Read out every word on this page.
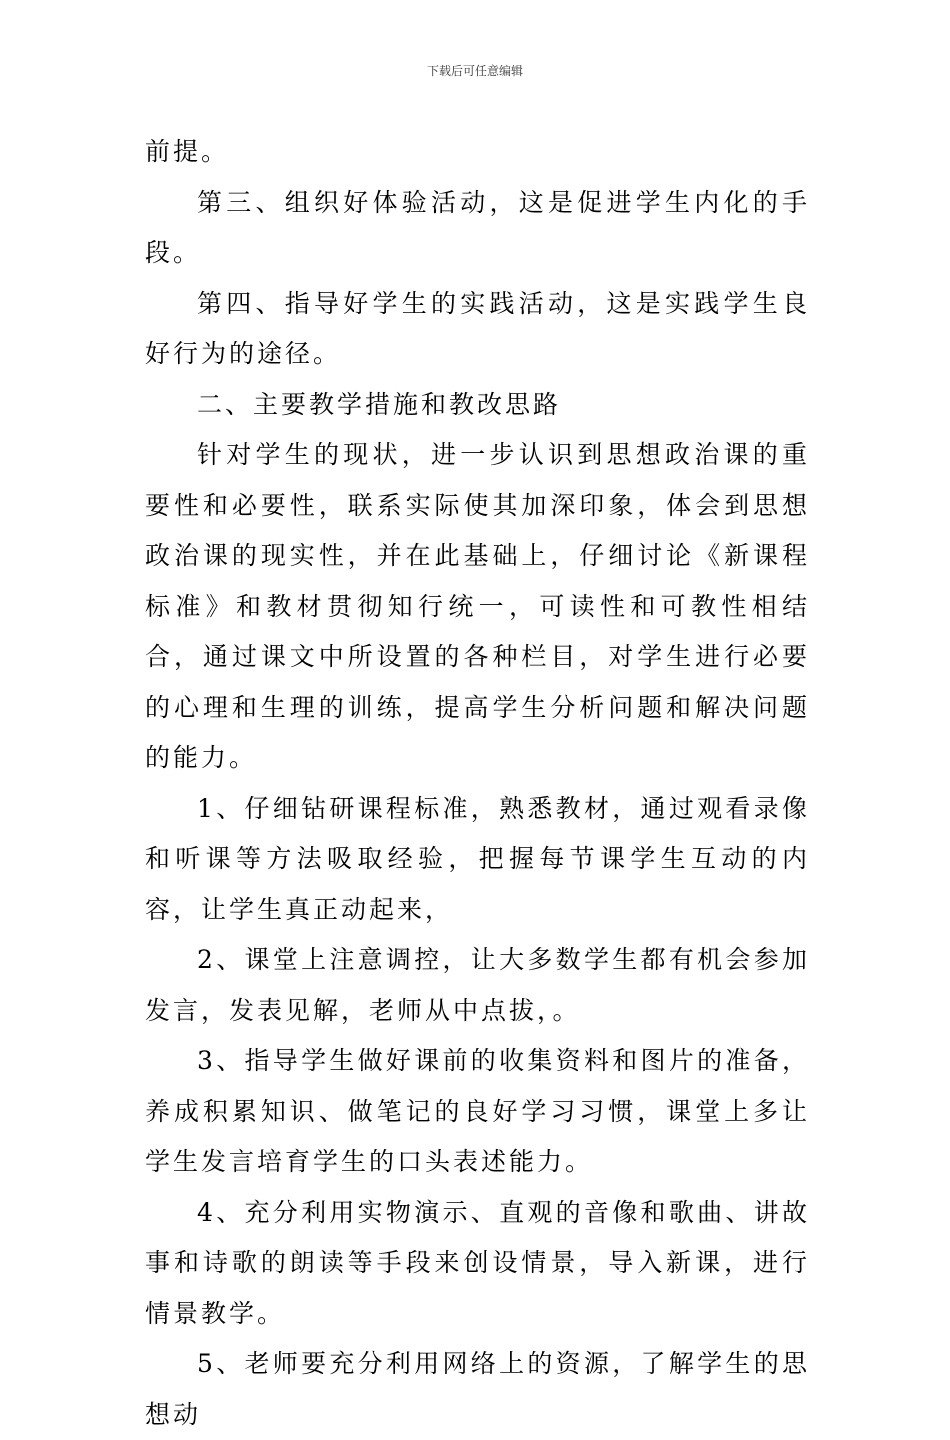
下载后可任意编辑

前提。

第三、组织好体验活动，这是促进学生内化的手段。

第四、指导好学生的实践活动，这是实践学生良好行为的途径。

二、主要教学措施和教改思路

针对学生的现状，进一步认识到思想政治课的重要性和必要性，联系实际使其加深印象，体会到思想政治课的现实性，并在此基础上，仔细讨论《新课程标准》和教材贯彻知行统一，可读性和可教性相结合，通过课文中所设置的各种栏目，对学生进行必要的心理和生理的训练，提高学生分析问题和解决问题的能力。

1、仔细钻研课程标准，熟悉教材，通过观看录像和听课等方法吸取经验，把握每节课学生互动的内容，让学生真正动起来，

2、课堂上注意调控，让大多数学生都有机会参加发言，发表见解，老师从中点拔，。

3、指导学生做好课前的收集资料和图片的准备，养成积累知识、做笔记的良好学习习惯，课堂上多让学生发言培育学生的口头表述能力。

4、充分利用实物演示、直观的音像和歌曲、讲故事和诗歌的朗读等手段来创设情景，导入新课，进行情景教学。

5、老师要充分利用网络上的资源，了解学生的思想动
